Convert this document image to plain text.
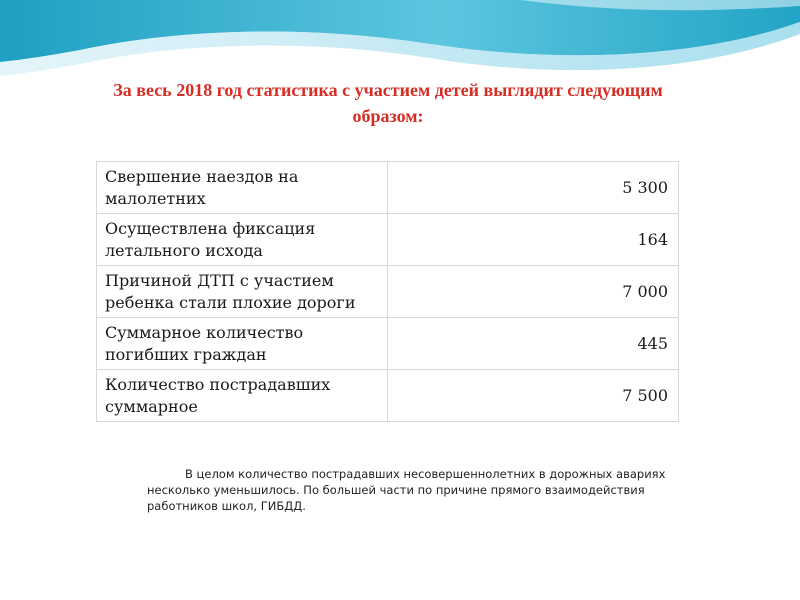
За весь 2018 год статистика с участием детей выглядит следующим образом:
Свершение наездов на малолетних	5 300
Осуществлена фиксация летального исхода	164
Причиной ДТП с участием ребенка стали плохие дороги	7 000
Суммарное количество погибших граждан	445
Количество пострадавших суммарное	7 500
В целом количество пострадавших несовершеннолетних в дорожных авариях несколько уменьшилось. По большей части по причине прямого взаимодействия работников школ, ГИБДД.
